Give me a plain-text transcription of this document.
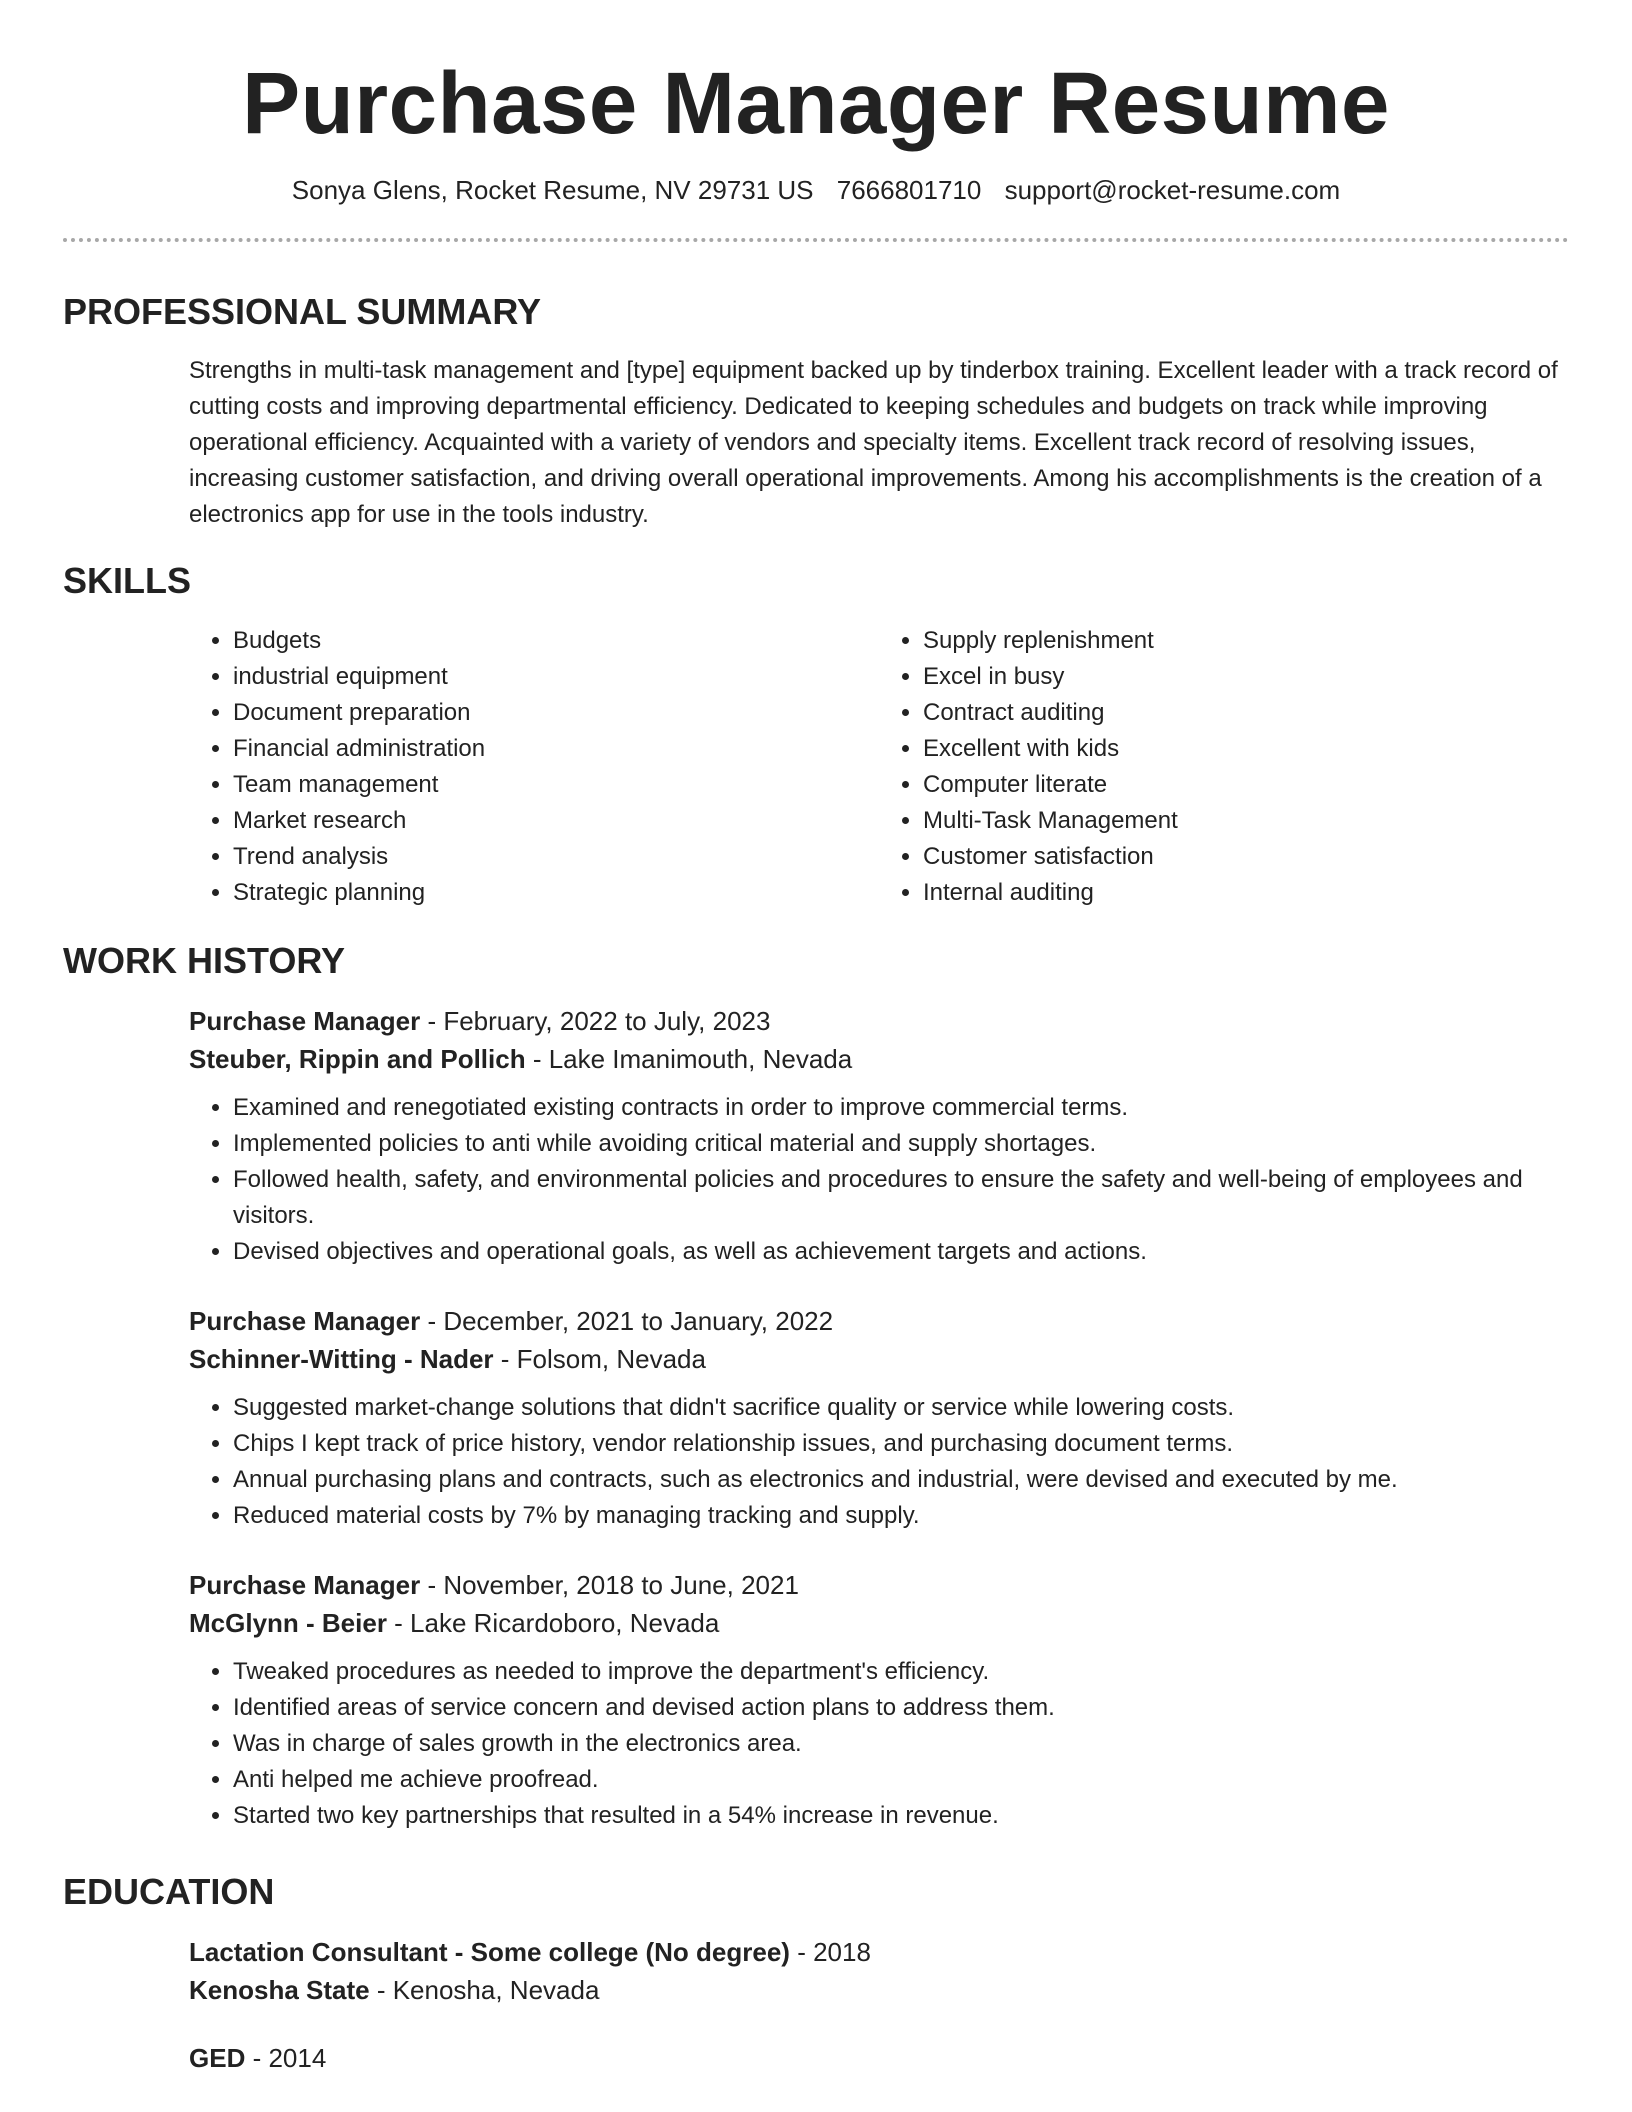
Purchase Manager Resume
Sonya Glens, Rocket Resume, NV 29731 US 7666801710 support@rocket-resume.com
PROFESSIONAL SUMMARY
Strengths in multi-task management and [type] equipment backed up by tinderbox training. Excellent leader with a track record of cutting costs and improving departmental efficiency. Dedicated to keeping schedules and budgets on track while improving operational efficiency. Acquainted with a variety of vendors and specialty items. Excellent track record of resolving issues, increasing customer satisfaction, and driving overall operational improvements. Among his accomplishments is the creation of a electronics app for use in the tools industry.
SKILLS
• Budgets
• industrial equipment
• Document preparation
• Financial administration
• Team management
• Market research
• Trend analysis
• Strategic planning
• Supply replenishment
• Excel in busy
• Contract auditing
• Excellent with kids
• Computer literate
• Multi-Task Management
• Customer satisfaction
• Internal auditing
WORK HISTORY
Purchase Manager - February, 2022 to July, 2023
Steuber, Rippin and Pollich - Lake Imanimouth, Nevada
• Examined and renegotiated existing contracts in order to improve commercial terms.
• Implemented policies to anti while avoiding critical material and supply shortages.
• Followed health, safety, and environmental policies and procedures to ensure the safety and well-being of employees and visitors.
• Devised objectives and operational goals, as well as achievement targets and actions.
Purchase Manager - December, 2021 to January, 2022
Schinner-Witting - Nader - Folsom, Nevada
• Suggested market-change solutions that didn't sacrifice quality or service while lowering costs.
• Chips I kept track of price history, vendor relationship issues, and purchasing document terms.
• Annual purchasing plans and contracts, such as electronics and industrial, were devised and executed by me.
• Reduced material costs by 7% by managing tracking and supply.
Purchase Manager - November, 2018 to June, 2021
McGlynn - Beier - Lake Ricardoboro, Nevada
• Tweaked procedures as needed to improve the department's efficiency.
• Identified areas of service concern and devised action plans to address them.
• Was in charge of sales growth in the electronics area.
• Anti helped me achieve proofread.
• Started two key partnerships that resulted in a 54% increase in revenue.
EDUCATION
Lactation Consultant - Some college (No degree) - 2018
Kenosha State - Kenosha, Nevada
GED - 2014
